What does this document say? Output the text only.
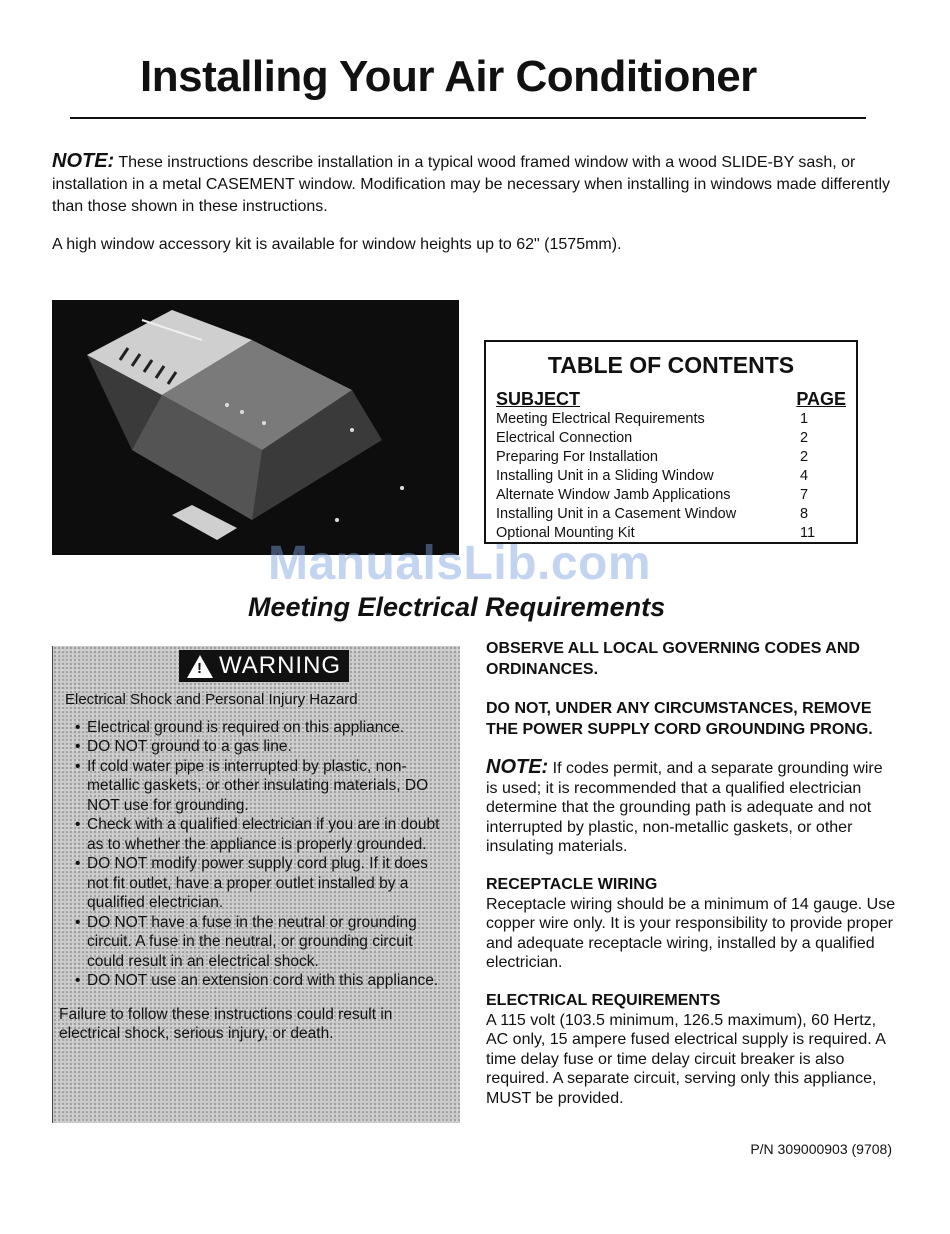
Installing Your Air Conditioner
NOTE: These instructions describe installation in a typical wood framed window with a wood SLIDE-BY sash, or installation in a metal CASEMENT window. Modification may be necessary when installing in windows made differently than those shown in these instructions.
A high window accessory kit is available for window heights up to 62" (1575mm).
TABLE OF CONTENTS
SUBJECT	PAGE
Meeting Electrical Requirements	1
Electrical Connection	2
Preparing For Installation	2
Installing Unit in a Sliding Window	4
Alternate Window Jamb Applications	7
Installing Unit in a Casement Window	8
Optional Mounting Kit	11
ManualsLib.com
Meeting Electrical Requirements
! WARNING
Electrical Shock and Personal Injury Hazard
• Electrical ground is required on this appliance.
• DO NOT ground to a gas line.
• If cold water pipe is interrupted by plastic, non-metallic gaskets, or other insulating materials, DO NOT use for grounding.
• Check with a qualified electrician if you are in doubt as to whether the appliance is properly grounded.
• DO NOT modify power supply cord plug. If it does not fit outlet, have a proper outlet installed by a qualified electrician.
• DO NOT have a fuse in the neutral or grounding circuit. A fuse in the neutral, or grounding circuit could result in an electrical shock.
• DO NOT use an extension cord with this appliance.
Failure to follow these instructions could result in electrical shock, serious injury, or death.

OBSERVE ALL LOCAL GOVERNING CODES AND ORDINANCES.

DO NOT, UNDER ANY CIRCUMSTANCES, REMOVE THE POWER SUPPLY CORD GROUNDING PRONG.

NOTE: If codes permit, and a separate grounding wire is used; it is recommended that a qualified electrician determine that the grounding path is adequate and not interrupted by plastic, non-metallic gaskets, or other insulating materials.

RECEPTACLE WIRING

Receptacle wiring should be a minimum of 14 gauge. Use copper wire only. It is your responsibility to provide proper and adequate receptacle wiring, installed by a qualified electrician.

ELECTRICAL REQUIREMENTS

A 115 volt (103.5 minimum, 126.5 maximum), 60 Hertz, AC only, 15 ampere fused electrical supply is required. A time delay fuse or time delay circuit breaker is also required. A separate circuit, serving only this appliance, MUST be provided.

P/N 309000903 (9708)
